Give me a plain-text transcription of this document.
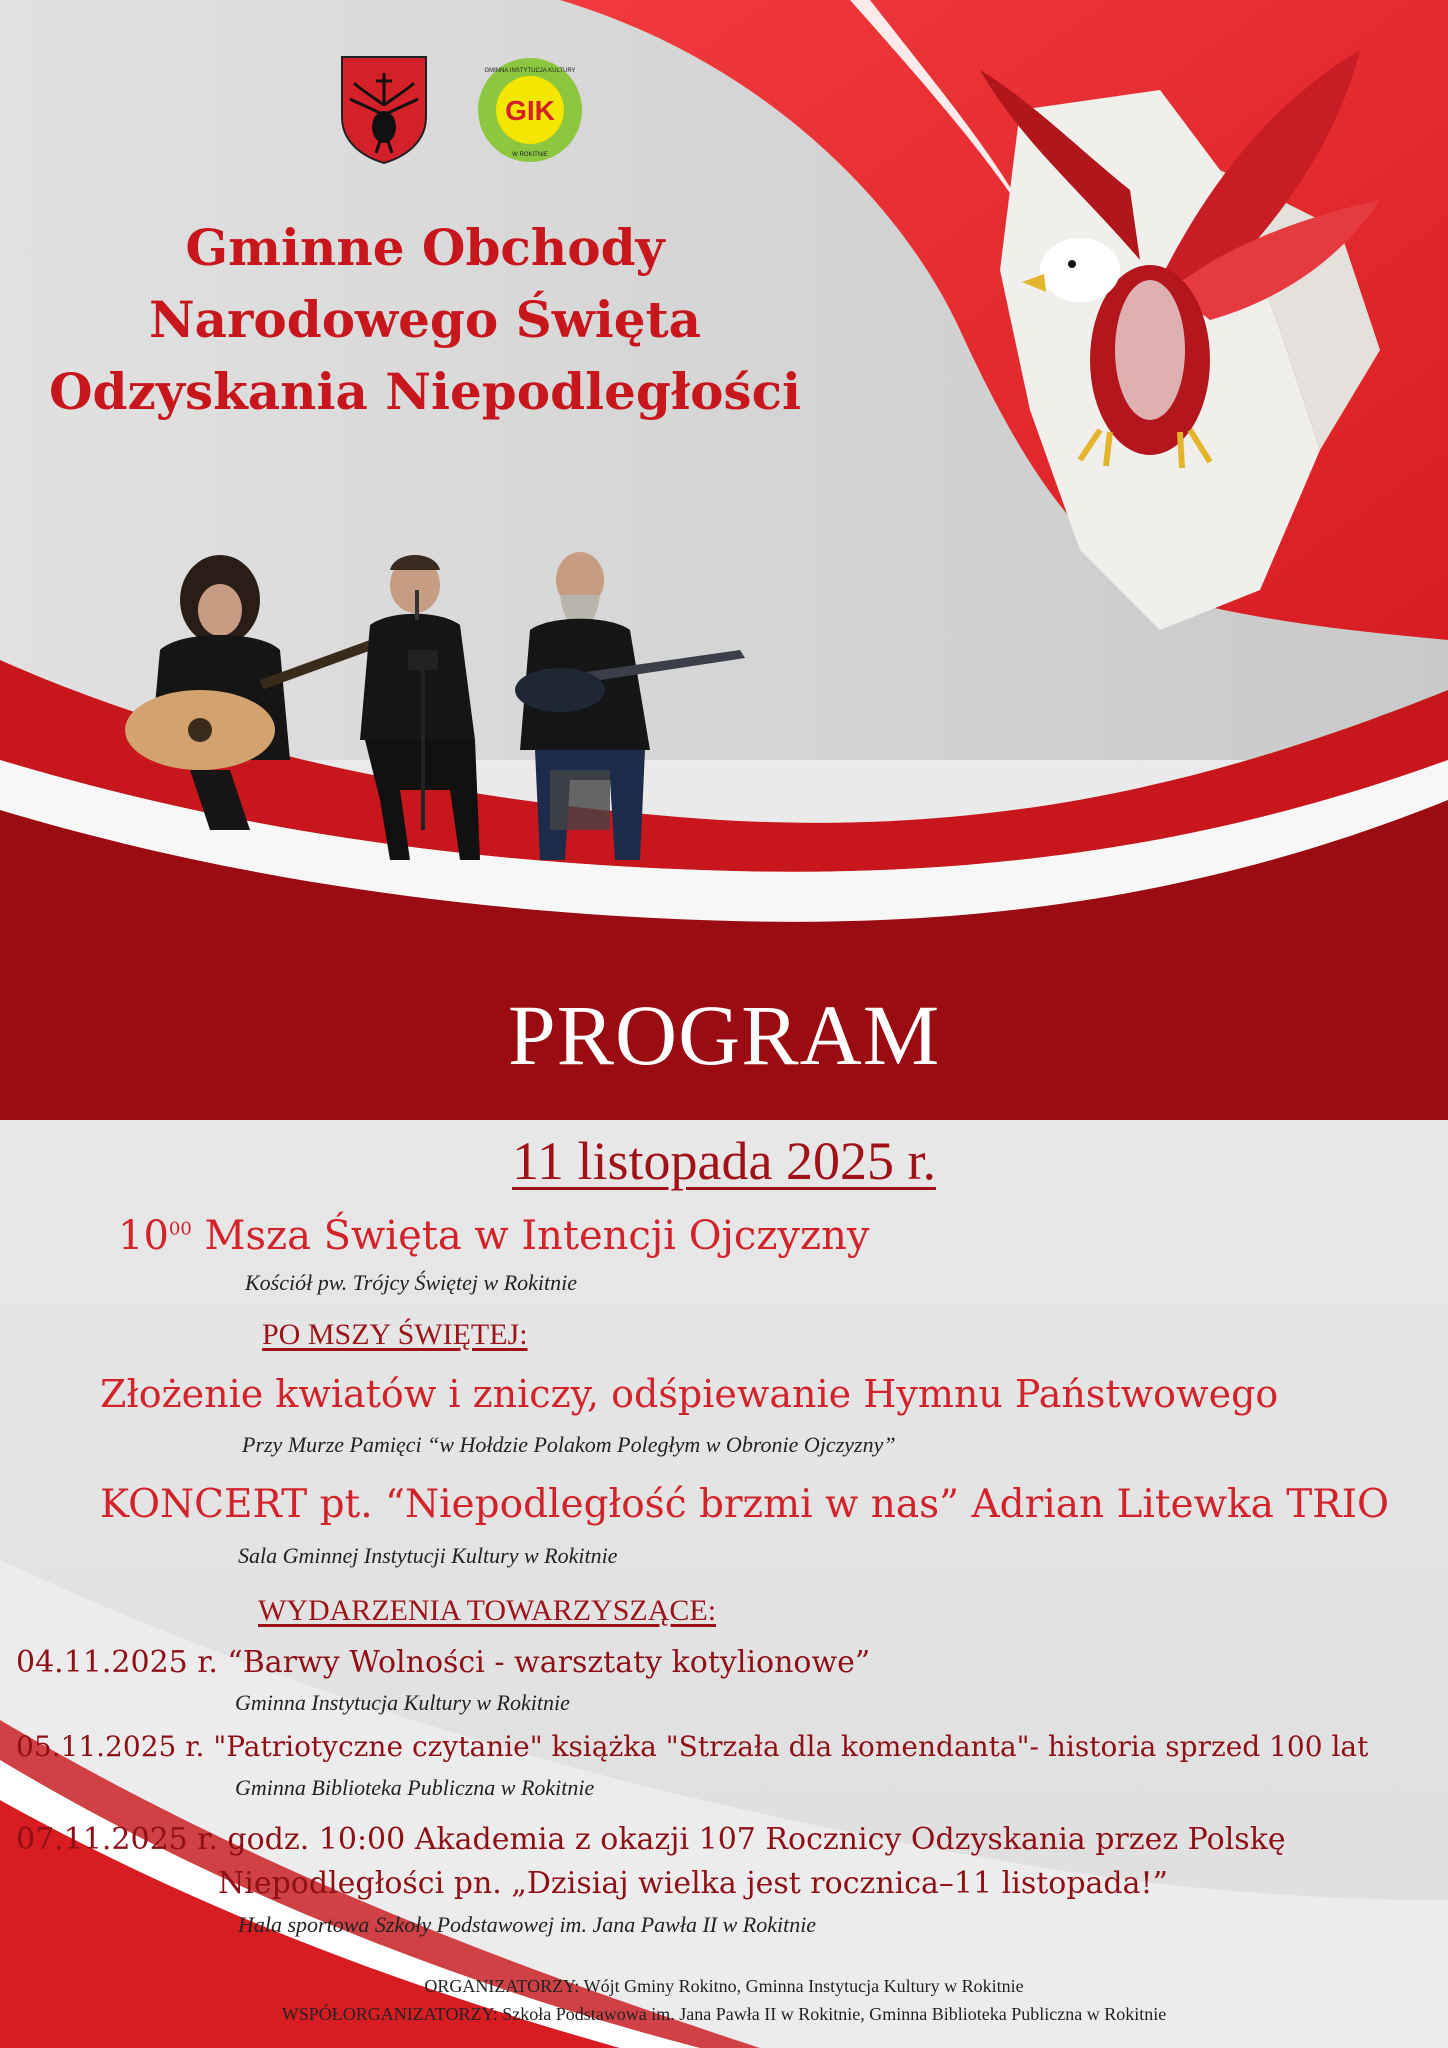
GIK
GMINNA INSTYTUCJA KULTURY
W ROKITNIE
Gminne Obchody
Narodowego Święta
Odzyskania Niepodległości
PROGRAM
11 listopada 2025 r.
$10^{00}$ Msza Święta w Intencji Ojczyzny
Kościół pw. Trójcy Świętej w Rokitnie
PO MSZY ŚWIĘTEJ:
Złożenie kwiatów i zniczy, odśpiewanie Hymnu Państwowego
Przy Murze Pamięci “w Hołdzie Polakom Poległym w Obronie Ojczyzny”
KONCERT pt. “Niepodległość brzmi w nas” Adrian Litewka TRIO
Sala Gminnej Instytucji Kultury w Rokitnie
WYDARZENIA TOWARZYSZĄCE:
04.11.2025 r. “Barwy Wolności - warsztaty kotylionowe”
Gminna Instytucja Kultury w Rokitnie
05.11.2025 r. "Patriotyczne czytanie" książka "Strzała dla komendanta"- historia sprzed 100 lat
Gminna Biblioteka Publiczna w Rokitnie
07.11.2025 r. godz. 10:00 Akademia z okazji 107 Rocznicy Odzyskania przez Polskę
Niepodległości pn. „Dzisiaj wielka jest rocznica–11 listopada!”
Hala sportowa Szkoły Podstawowej im. Jana Pawła II w Rokitnie
ORGANIZATORZY: Wójt Gminy Rokitno, Gminna Instytucja Kultury w Rokitnie
WSPÓŁORGANIZATORZY: Szkoła Podstawowa im. Jana Pawła II w Rokitnie, Gminna Biblioteka Publiczna w Rokitnie
